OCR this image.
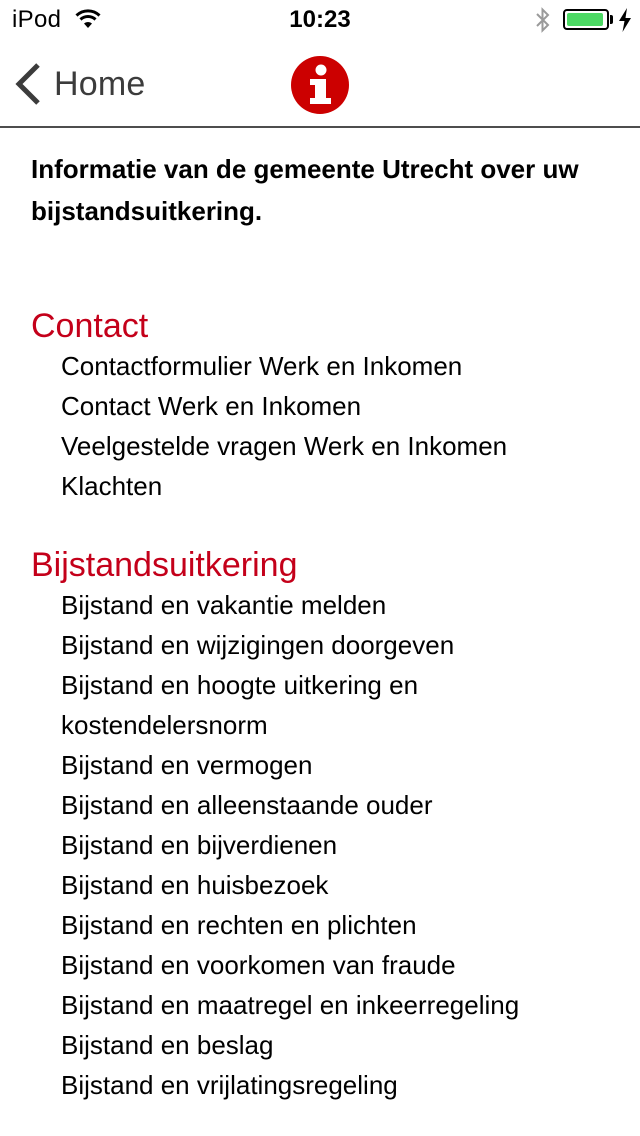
iPod	10:23
Home

Informatie van de gemeente Utrecht over uw bijstandsuitkering.

Contact
Contactformulier Werk en Inkomen
Contact Werk en Inkomen
Veelgestelde vragen Werk en Inkomen
Klachten
Bijstandsuitkering
Bijstand en vakantie melden
Bijstand en wijzigingen doorgeven
Bijstand en hoogte uitkering en kostendelersnorm
Bijstand en vermogen
Bijstand en alleenstaande ouder
Bijstand en bijverdienen
Bijstand en huisbezoek
Bijstand en rechten en plichten
Bijstand en voorkomen van fraude
Bijstand en maatregel en inkeerregeling
Bijstand en beslag
Bijstand en vrijlatingsregeling
